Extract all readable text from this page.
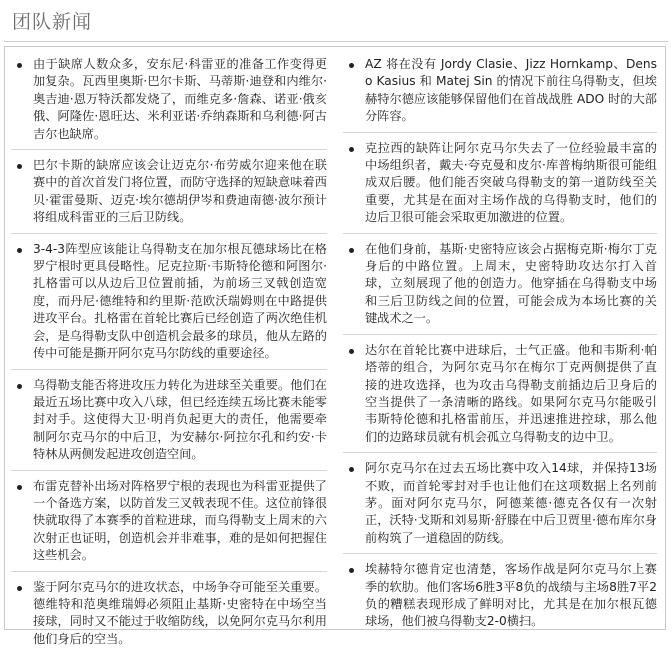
团队新闻
由于缺席人数众多，安东尼·科雷亚的准备工作变得更加复杂。瓦西里奥斯·巴尔卡斯、马蒂斯·迪登和内维尔·奥吉迪·恩万特沃都发烧了，而维克多·詹森、诺亚·俄亥俄、阿隆佐·恩旺达、米利亚诺·乔纳森斯和乌利德·阿古吉尔也缺席。
巴尔卡斯的缺席应该会让迈克尔·布劳威尔迎来他在联赛中的首次首发门将位置，而防守选择的短缺意味着西贝·霍雷曼斯、迈克·埃尔德胡伊岑和费迪南德·波尔预计将组成科雷亚的三后卫防线。
3-4-3阵型应该能让乌得勒支在加尔根瓦德球场比在格罗宁根时更具侵略性。尼克拉斯·韦斯特伦德和阿图尔·扎格雷可以从边后卫位置前插，为前场三叉戟创造宽度，而丹尼·德维特和约里斯·范欧沃瑞姆则在中路提供进攻平台。扎格雷在首轮比赛后已经创造了两次绝佳机会，是乌得勒支队中创造机会最多的球员，他从左路的传中可能是撕开阿尔克马尔防线的重要途径。
乌得勒支能否将进攻压力转化为进球至关重要。他们在最近五场比赛中攻入八球，但已经连续五场比赛未能零封对手。这使得大卫·明肖负起更大的责任，他需要牵制阿尔克马尔的中后卫，为安赫尔·阿拉尔孔和约安·卡特林从两侧发起进攻创造空间。
布雷克替补出场对阵格罗宁根的表现也为科雷亚提供了一个备选方案，以防首发三叉戟表现不佳。这位前锋很快就取得了本赛季的首粒进球，而乌得勒支上周末的六次射正也证明，创造机会并非难事，难的是如何把握住这些机会。
鉴于阿尔克马尔的进攻状态，中场争夺可能至关重要。德维特和范奥维瑞姆必须阻止基斯·史密特在中场空当接球，同时又不能过于收缩防线，以免阿尔克马尔利用他们身后的空当。
AZ 将在没有 Jordy Clasie、Jizz Hornkamp、Denso Kasius 和 Matej Sin 的情况下前往乌得勒支，但埃赫特尔德应该能够保留他们在首战战胜 ADO 时的大部分阵容。
克拉西的缺阵让阿尔克马尔失去了一位经验最丰富的中场组织者，戴夫·夸克曼和皮尔·库普梅纳斯很可能组成双后腰。他们能否突破乌得勒支的第一道防线至关重要，尤其是在面对主场作战的乌得勒支时，他们的边后卫很可能会采取更加激进的位置。
在他们身前，基斯·史密特应该会占据梅克斯·梅尔丁克身后的中路位置。上周末，史密特助攻达尔打入首球，立刻展现了他的创造力。他穿插在乌得勒支中场和三后卫防线之间的位置，可能会成为本场比赛的关键战术之一。
达尔在首轮比赛中进球后，士气正盛。他和韦斯利·帕塔蒂的组合，为阿尔克马尔在梅尔丁克两侧提供了直接的进攻选择，也为攻击乌得勒支前插边后卫身后的空当提供了一条清晰的路线。如果阿尔克马尔能吸引韦斯特伦德和扎格雷前压，并迅速推进控球，那么他们的边路球员就有机会孤立乌得勒支的边中卫。
阿尔克马尔在过去五场比赛中攻入14球，并保持13场不败，而首轮零封对手也让他们在这项数据上名列前茅。面对阿尔克马尔，阿德莱德·德克各仅有一次射正，沃特·戈斯和刘易斯·舒滕在中后卫贾里·德布库尔身前构筑了一道稳固的防线。
埃赫特尔德肯定也清楚，客场作战是阿尔克马尔上赛季的软肋。他们客场6胜3平8负的战绩与主场8胜7平2负的糟糕表现形成了鲜明对比，尤其是在加尔根瓦德球场，他们被乌得勒支2-0横扫。
